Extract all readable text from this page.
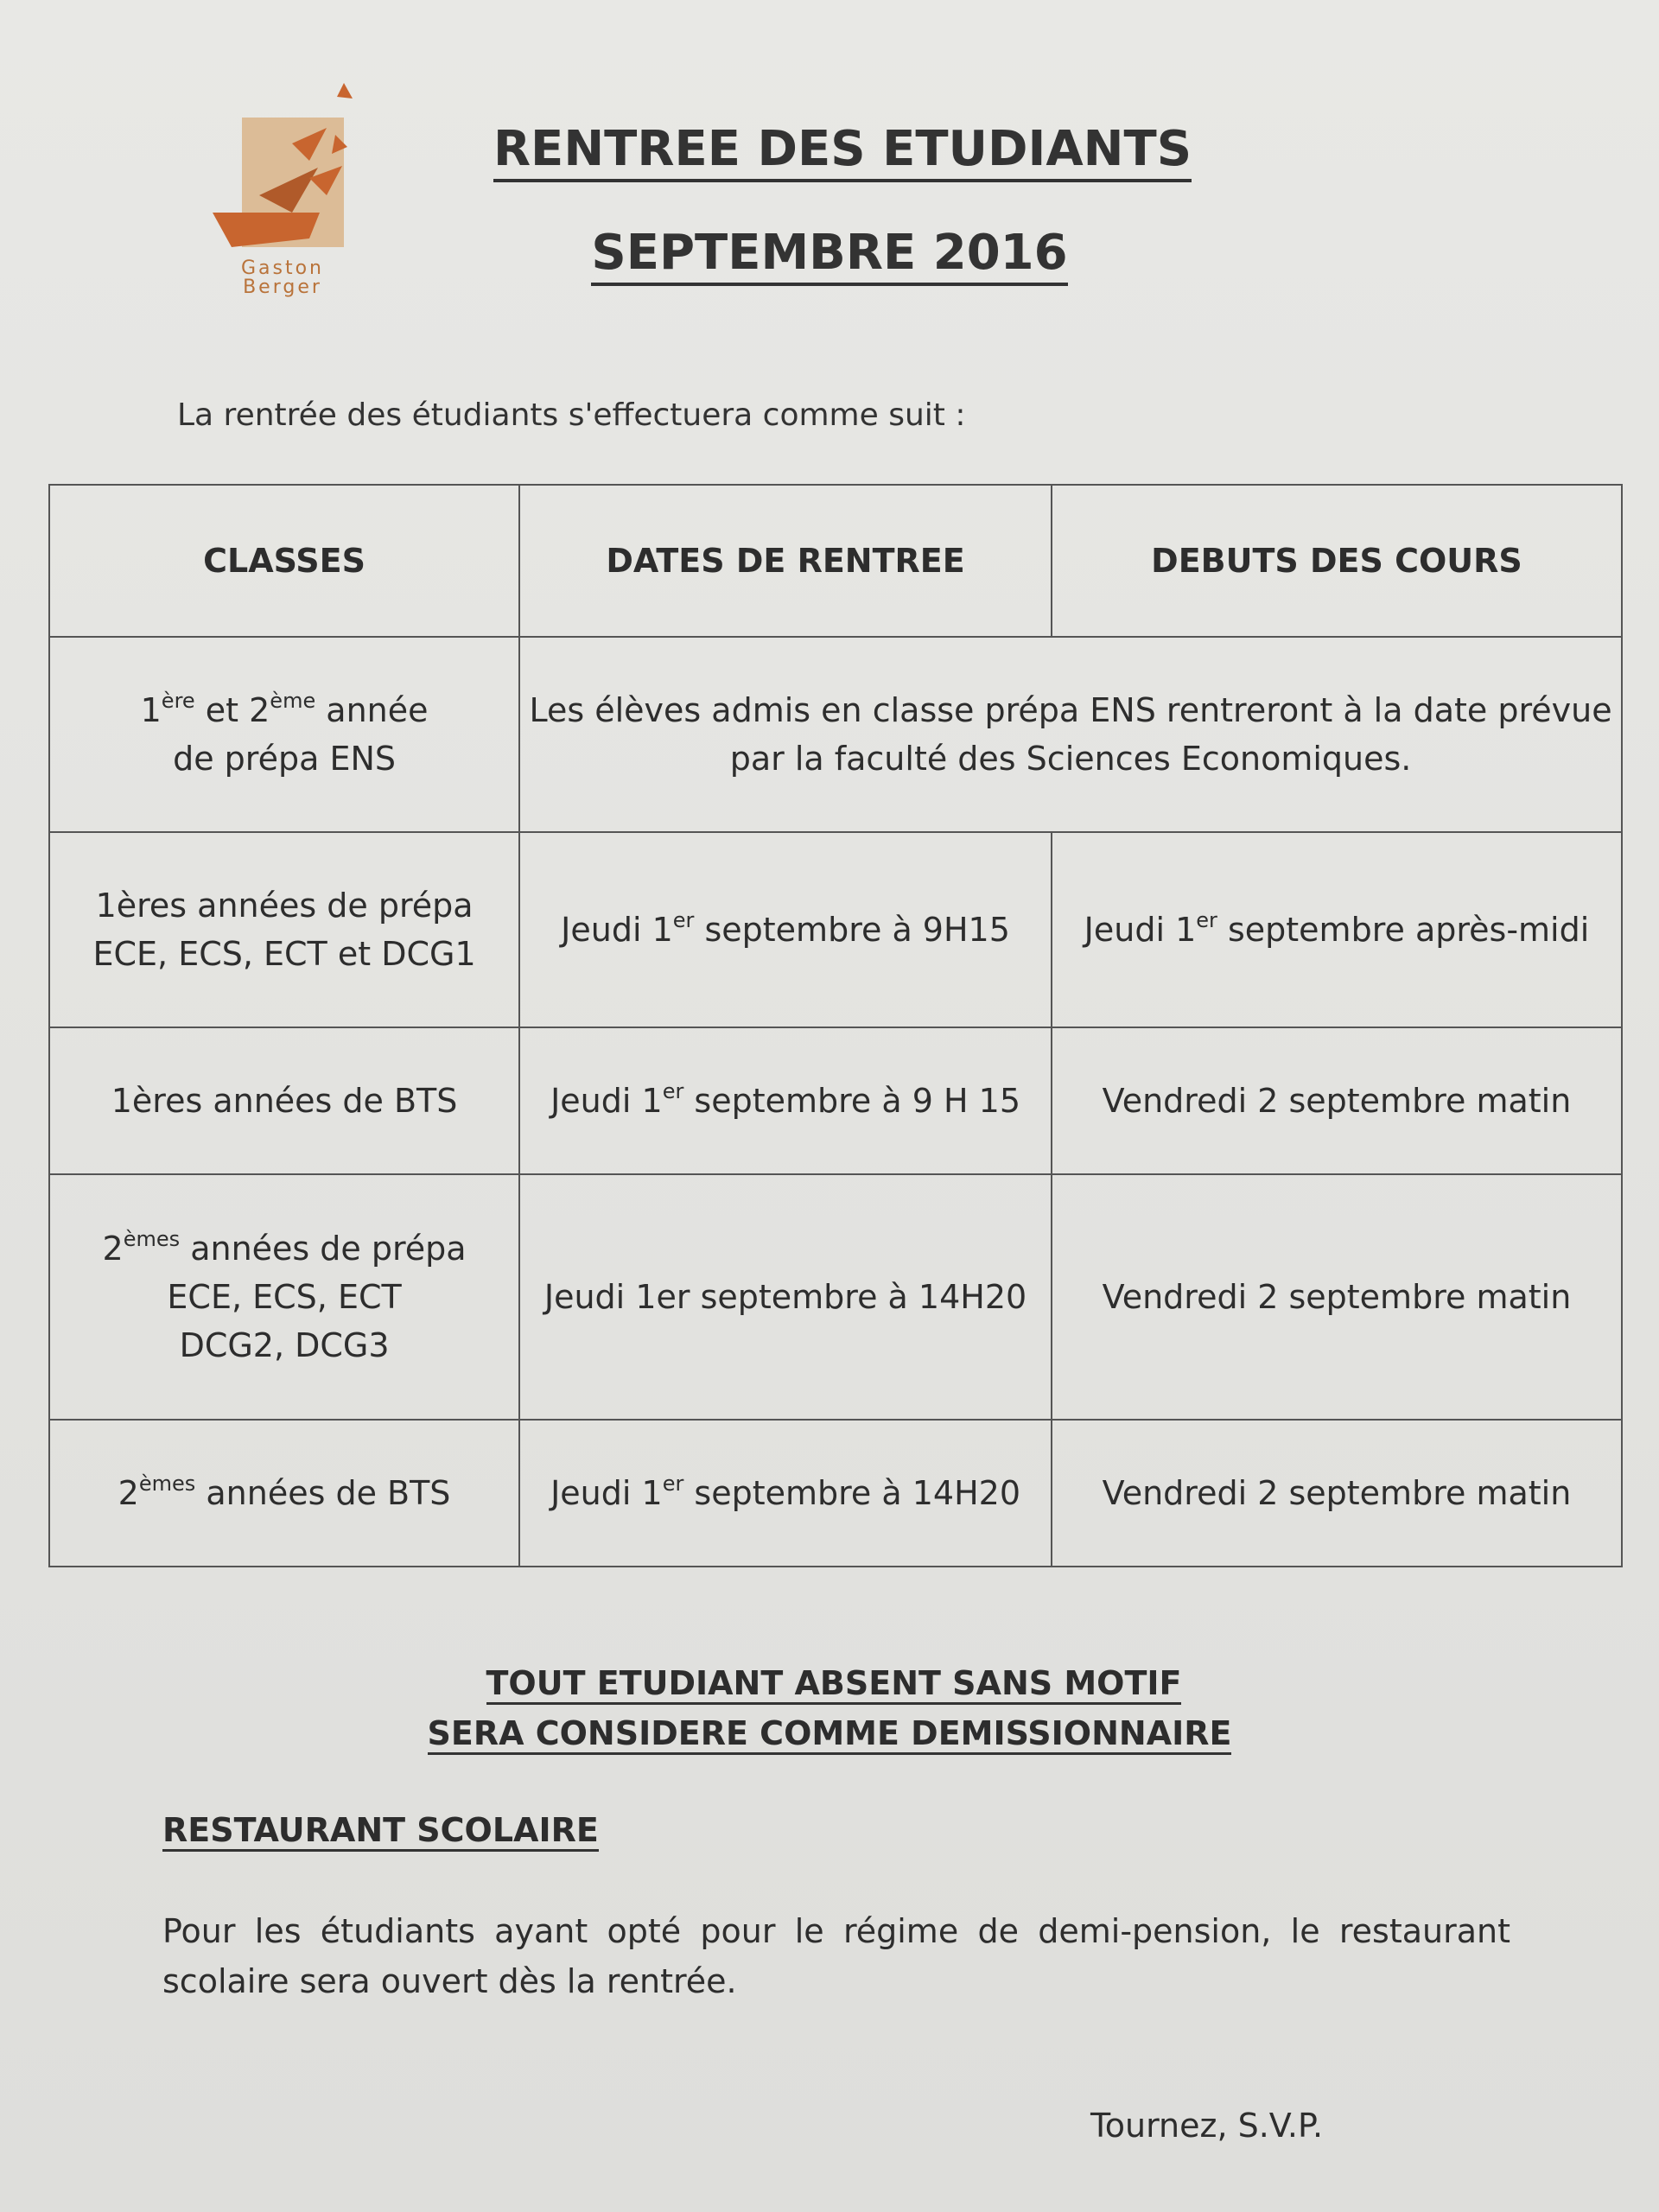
Gaston
Berger
RENTREE DES ETUDIANTS
SEPTEMBRE 2016
La rentrée des étudiants s'effectuera comme suit :
CLASSES	DATES DE RENTREE	DEBUTS DES COURS
1ère et 2ème année
de prépa ENS	Les élèves admis en classe prépa ENS rentreront à la date prévue
par la faculté des Sciences Economiques.	
1ères années de prépa
ECE, ECS, ECT et DCG1	Jeudi 1er septembre à 9H15	Jeudi 1er septembre après-midi
1ères années de BTS	Jeudi 1er septembre à 9 H 15	Vendredi 2 septembre matin
2èmes années de prépa
ECE, ECS, ECT
DCG2, DCG3	Jeudi 1er septembre à 14H20	Vendredi 2 septembre matin
2èmes années de BTS	Jeudi 1er septembre à 14H20	Vendredi 2 septembre matin
TOUT ETUDIANT ABSENT SANS MOTIF
SERA CONSIDERE COMME DEMISSIONNAIRE
RESTAURANT SCOLAIRE
Pour les étudiants ayant opté pour le régime de demi-pension, le restaurant scolaire sera ouvert dès la rentrée.
Tournez, S.V.P.
